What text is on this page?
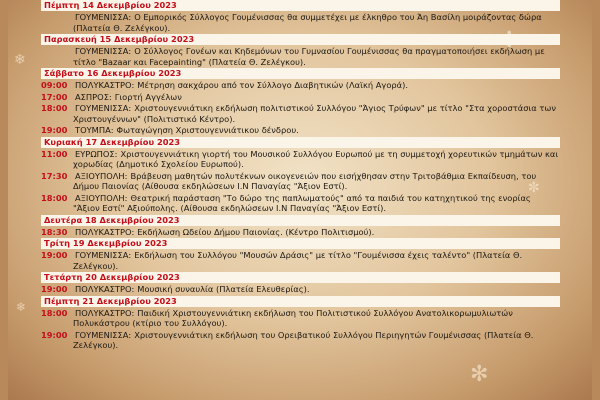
✼
❄
✻
❄
Πέμπτη 14 Δεκεμβρίου 2023
ΓΟΥΜΕΝΙΣΣΑ: Ο Εμπορικός Σύλλογος Γουμένισσας θα συμμετέχει με έλκηθρο του Άη Βασίλη μοιράζοντας δώρα (Πλατεία Θ. Ζελέγκου).
Παρασκευή 15 Δεκεμβρίου 2023
ΓΟΥΜΕΝΙΣΣΑ: Ο Σύλλογος Γονέων και Κηδεμόνων του Γυμνασίου Γουμένισσας θα πραγματοποιήσει εκδήλωση με τίτλο "Bazaar και Facepainting" (Πλατεία Θ. Ζελέγκου).
Σάββατο 16 Δεκεμβρίου 2023
09:00 ΠΟΛΥΚΑΣΤΡΟ: Μέτρηση σακχάρου από τον Σύλλογο Διαβητικών (Λαϊκή Αγορά).
17:00 ΑΣΠΡΟΣ: Γιορτή Αγγέλων
18:00 ΓΟΥΜΕΝΙΣΣΑ: Χριστουγεννιάτικη εκδήλωση πολιτιστικού Συλλόγου "Άγιος Τρύφων" με τίτλο "Στα χοροστάσια των Χριστουγέννων" (Πολιτιστικό Κέντρο).
19:00 ΤΟΥΜΠΑ: Φωταγώγηση Χριστουγεννιάτικου δένδρου.
Κυριακή 17 Δεκεμβρίου 2023
11:00 ΕΥΡΩΠΟΣ: Χριστουγεννιάτικη γιορτή του Μουσικού Συλλόγου Ευρωπού με τη συμμετοχή χορευτικών τμημάτων και χορωδίας (Δημοτικό Σχολείου Ευρωπού).
17:30 ΑΞΙΟΥΠΟΛΗ: Βράβευση μαθητών πολυτέκνων οικογενειών που εισήχθησαν στην Τριτοβάθμια Εκπαίδευση, του Δήμου Παιονίας (Αίθουσα εκδηλώσεων Ι.Ν Παναγίας "Άξιον Εστί).
18:00 ΑΞΙΟΥΠΟΛΗ: Θεατρική παράσταση "Το δώρο της παπλωματούς" από τα παιδιά του κατηχητικού της ενορίας "Άξιον Εστί" Αξιούπολης. (Αίθουσα εκδηλώσεων Ι.Ν Παναγίας "Άξιον Εστί).
Δευτέρα 18 Δεκεμβρίου 2023
18:30 ΠΟΛΥΚΑΣΤΡΟ: Εκδήλωση Ωδείου Δήμου Παιονίας. (Κέντρο Πολιτισμού).
Τρίτη 19 Δεκεμβρίου 2023
19:00 ΓΟΥΜΕΝΙΣΣΑ: Εκδήλωση του Συλλόγου "Μουσών Δράσις" με τίτλο "Γουμένισσα έχεις ταλέντο" (Πλατεία Θ. Ζελέγκου).
Τετάρτη 20 Δεκεμβρίου 2023
19:00 ΠΟΛΥΚΑΣΤΡΟ: Μουσική συναυλία (Πλατεία Ελευθερίας).
Πέμπτη 21 Δεκεμβρίου 2023
18:00 ΠΟΛΥΚΑΣΤΡΟ: Παιδική Χριστουγεννιάτικη εκδήλωση του Πολιτιστικού Συλλόγου Ανατολικορωμυλιωτών Πολυκάστρου (κτίριο του Συλλόγου).
19:00 ΓΟΥΜΕΝΙΣΣΑ: Χριστουγεννιάτικη εκδήλωση του Ορειβατικού Συλλόγου Περιηγητών Γουμένισσας (Πλατεία Θ. Ζελέγκου).
